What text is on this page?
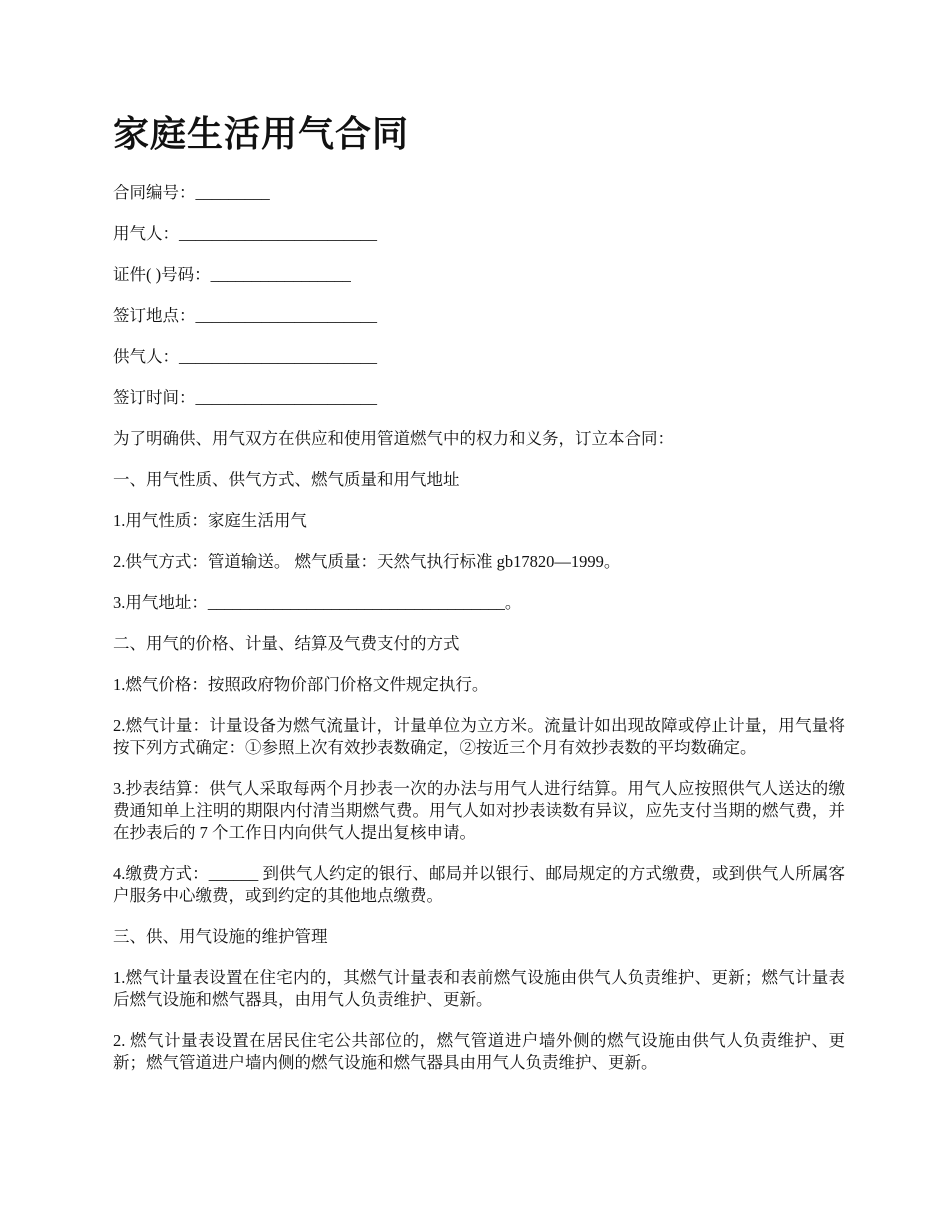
家庭生活用气合同
合同编号：_________
用气人：________________________
证件( )号码：_________________
签订地点：______________________
供气人：________________________
签订时间：______________________

为了明确供、用气双方在供应和使用管道燃气中的权力和义务，订立本合同：

一、用气性质、供气方式、燃气质量和用气地址

1.用气性质：家庭生活用气

2.供气方式：管道输送。 燃气质量：天然气执行标准 gb17820—1999。

3.用气地址：____________________________________。

二、用气的价格、计量、结算及气费支付的方式

1.燃气价格：按照政府物价部门价格文件规定执行。

2.燃气计量：计量设备为燃气流量计，计量单位为立方米。流量计如出现故障或停止计量，用气量将按下列方式确定：①参照上次有效抄表数确定，②按近三个月有效抄表数的平均数确定。

3.抄表结算：供气人采取每两个月抄表一次的办法与用气人进行结算。用气人应按照供气人送达的缴费通知单上注明的期限内付清当期燃气费。用气人如对抄表读数有异议，应先支付当期的燃气费，并在抄表后的 7 个工作日内向供气人提出复核申请。

4.缴费方式：______ 到供气人约定的银行、邮局并以银行、邮局规定的方式缴费，或到供气人所属客户服务中心缴费，或到约定的其他地点缴费。

三、供、用气设施的维护管理

1.燃气计量表设置在住宅内的，其燃气计量表和表前燃气设施由供气人负责维护、更新；燃气计量表后燃气设施和燃气器具，由用气人负责维护、更新。

2. 燃气计量表设置在居民住宅公共部位的，燃气管道进户墙外侧的燃气设施由供气人负责维护、更新；燃气管道进户墙内侧的燃气设施和燃气器具由用气人负责维护、更新。
